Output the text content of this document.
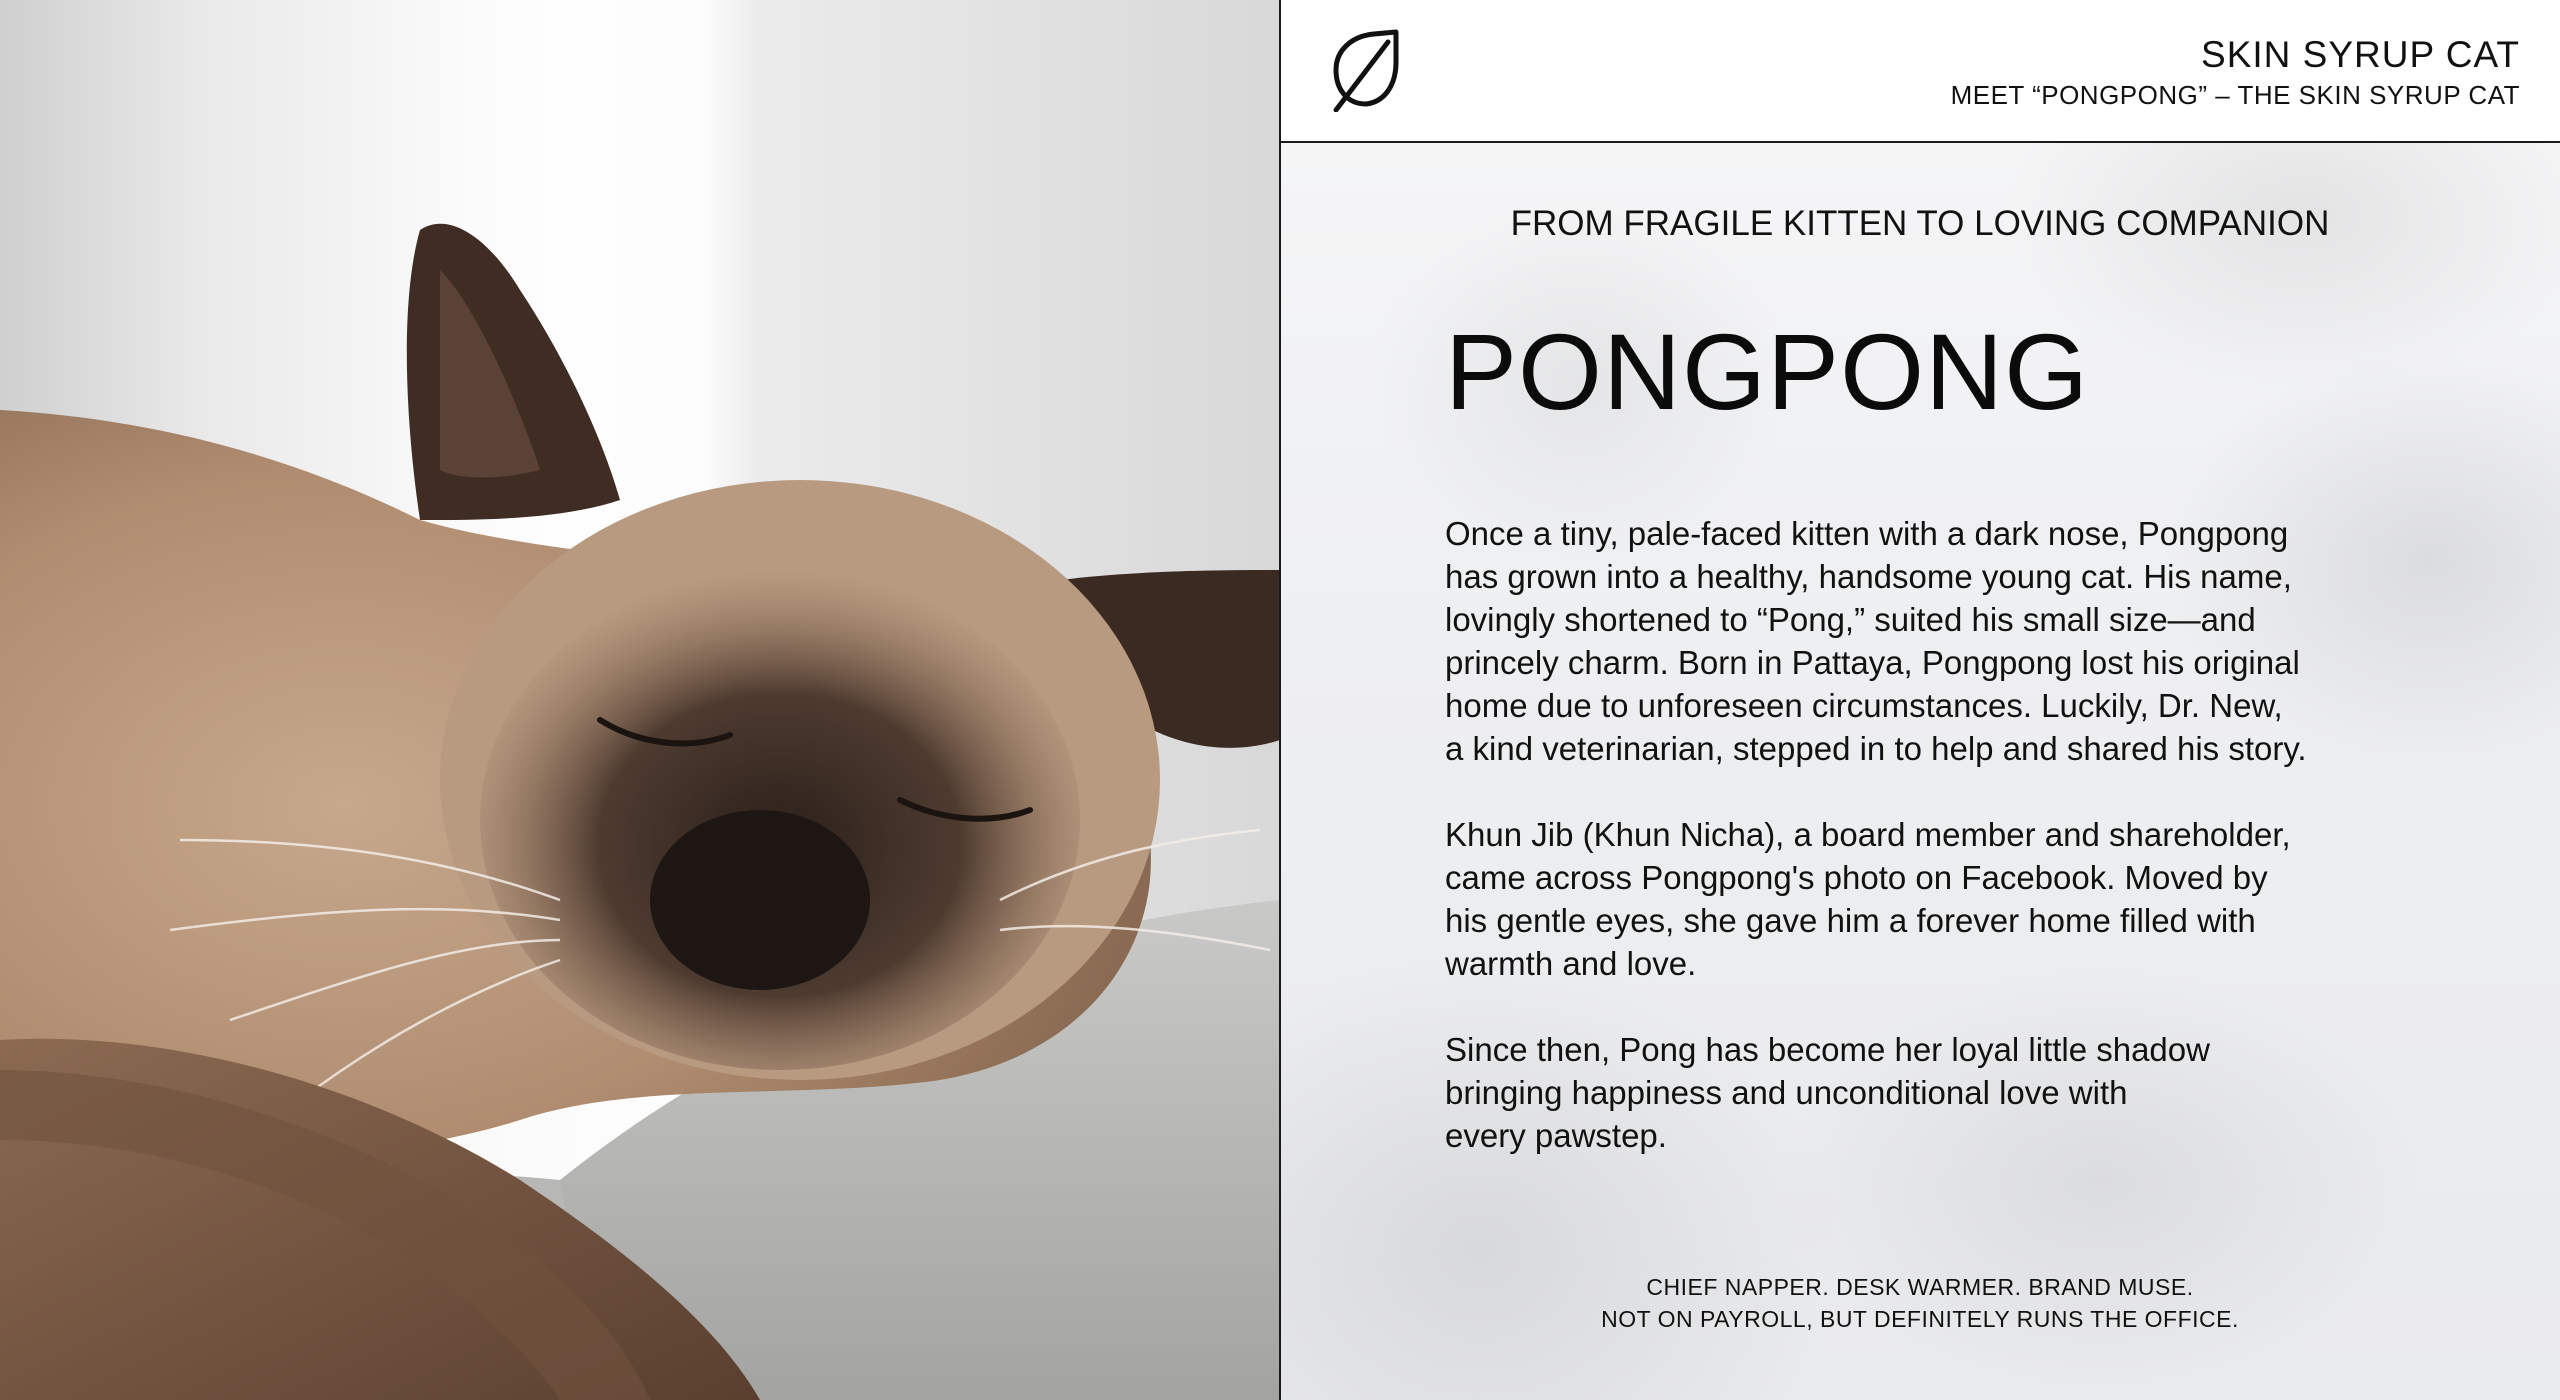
SKIN SYRUP CAT
MEET “PONGPONG” – THE SKIN SYRUP CAT
FROM FRAGILE KITTEN TO LOVING COMPANION
PONGPONG

Once a tiny, pale-faced kitten with a dark nose, Pongpong
has grown into a healthy, handsome young cat. His name,
lovingly shortened to “Pong,” suited his small size—and
princely charm. Born in Pattaya, Pongpong lost his original
home due to unforeseen circumstances. Luckily, Dr. New,
a kind veterinarian, stepped in to help and shared his story.

Khun Jib (Khun Nicha), a board member and shareholder,
came across Pongpong's photo on Facebook. Moved by
his gentle eyes, she gave him a forever home filled with
warmth and love.

Since then, Pong has become her loyal little shadow
bringing happiness and unconditional love with
every pawstep.

CHIEF NAPPER. DESK WARMER. BRAND MUSE.
NOT ON PAYROLL, BUT DEFINITELY RUNS THE OFFICE.
